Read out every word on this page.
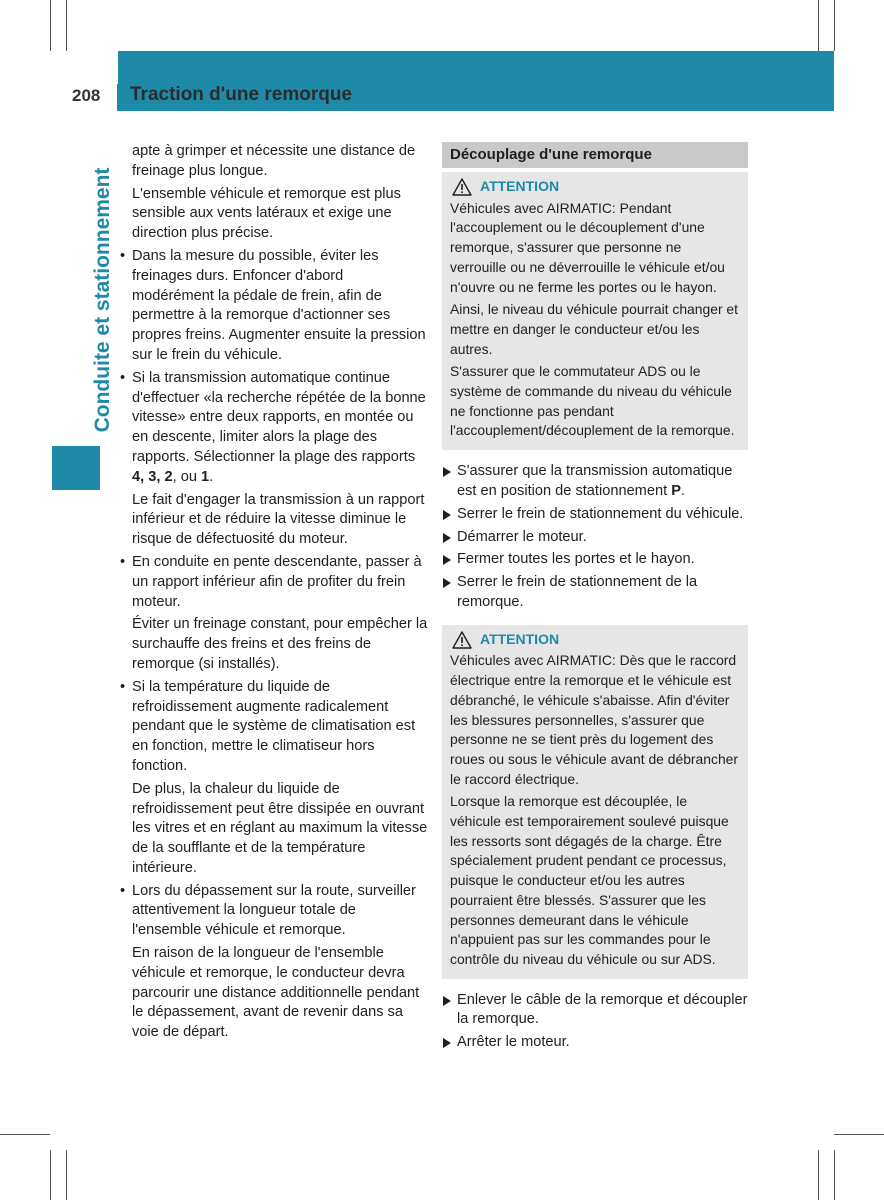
208 Traction d'une remorque
Conduite et stationnement

apte à grimper et nécessite une distance de freinage plus longue.

L'ensemble véhicule et remorque est plus sensible aux vents latéraux et exige une direction plus précise.

• Dans la mesure du possible, éviter les freinages durs. Enfoncer d'abord modérément la pédale de frein, afin de permettre à la remorque d'actionner ses propres freins. Augmenter ensuite la pression sur le frein du véhicule.
• Si la transmission automatique continue d'effectuer «la recherche répétée de la bonne vitesse» entre deux rapports, en montée ou en descente, limiter alors la plage des rapports. Sélectionner la plage des rapports 4, 3, 2, ou 1.

Le fait d'engager la transmission à un rapport inférieur et de réduire la vitesse diminue le risque de défectuosité du moteur.

• En conduite en pente descendante, passer à un rapport inférieur afin de profiter du frein moteur.

Éviter un freinage constant, pour empêcher la surchauffe des freins et des freins de remorque (si installés).

• Si la température du liquide de refroidissement augmente radicalement pendant que le système de climatisation est en fonction, mettre le climatiseur hors fonction.

De plus, la chaleur du liquide de refroidissement peut être dissipée en ouvrant les vitres et en réglant au maximum la vitesse de la soufflante et de la température intérieure.

• Lors du dépassement sur la route, surveiller attentivement la longueur totale de l'ensemble véhicule et remorque.

En raison de la longueur de l'ensemble véhicule et remorque, le conducteur devra parcourir une distance additionnelle pendant le dépassement, avant de revenir dans sa voie de départ.

Découplage d'une remorque
ATTENTION

Véhicules avec AIRMATIC: Pendant l'accouplement ou le découplement d'une remorque, s'assurer que personne ne verrouille ou ne déverrouille le véhicule et/ou n'ouvre ou ne ferme les portes ou le hayon.

Ainsi, le niveau du véhicule pourrait changer et mettre en danger le conducteur et/ou les autres.

S'assurer que le commutateur ADS ou le système de commande du niveau du véhicule ne fonctionne pas pendant l'accouplement/découplement de la remorque.

S'assurer que la transmission automatique est en position de stationnement P.
Serrer le frein de stationnement du véhicule.
Démarrer le moteur.
Fermer toutes les portes et le hayon.
Serrer le frein de stationnement de la remorque.
ATTENTION

Véhicules avec AIRMATIC: Dès que le raccord électrique entre la remorque et le véhicule est débranché, le véhicule s'abaisse. Afin d'éviter les blessures personnelles, s'assurer que personne ne se tient près du logement des roues ou sous le véhicule avant de débrancher le raccord électrique.

Lorsque la remorque est découplée, le véhicule est temporairement soulevé puisque les ressorts sont dégagés de la charge. Être spécialement prudent pendant ce processus, puisque le conducteur et/ou les autres pourraient être blessés. S'assurer que les personnes demeurant dans le véhicule n'appuient pas sur les commandes pour le contrôle du niveau du véhicule ou sur ADS.

Enlever le câble de la remorque et découpler la remorque.
Arrêter le moteur.
